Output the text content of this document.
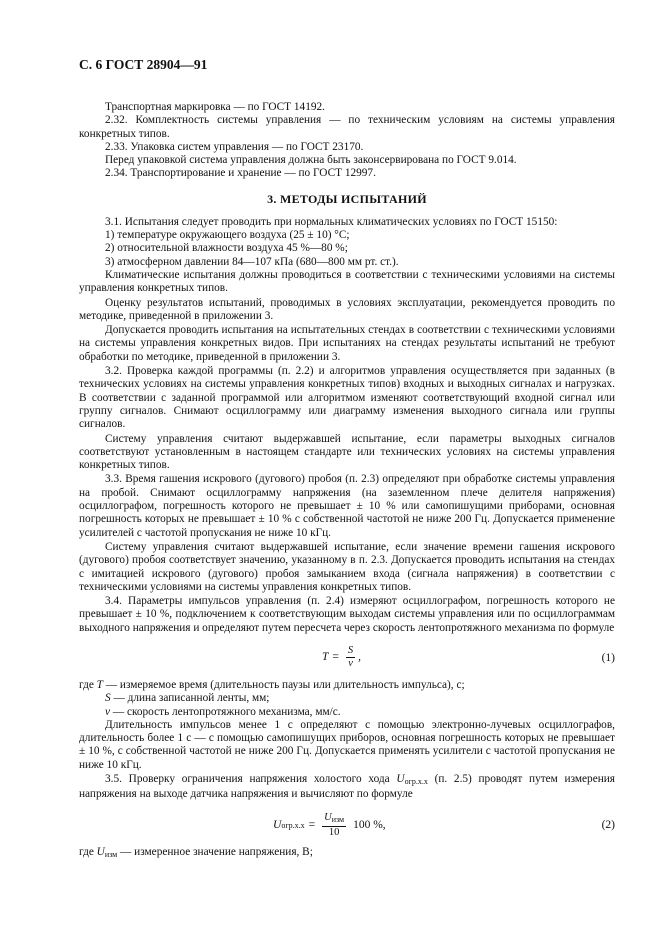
С. 6 ГОСТ 28904—91

Транспортная маркировка — по ГОСТ 14192.

2.32. Комплектность системы управления — по техническим условиям на системы управления конкретных типов.

2.33. Упаковка систем управления — по ГОСТ 23170.

Перед упаковкой система управления должна быть законсервирована по ГОСТ 9.014.

2.34. Транспортирование и хранение — по ГОСТ 12997.

3. МЕТОДЫ ИСПЫТАНИЙ

3.1. Испытания следует проводить при нормальных климатических условиях по ГОСТ 15150:

1) температуре окружающего воздуха (25 ± 10) °С;

2) относительной влажности воздуха 45 %—80 %;

3) атмосферном давлении 84—107 кПа (680—800 мм рт. ст.).

Климатические испытания должны проводиться в соответствии с техническими условиями на системы управления конкретных типов.

Оценку результатов испытаний, проводимых в условиях эксплуатации, рекомендуется проводить по методике, приведенной в приложении 3.

Допускается проводить испытания на испытательных стендах в соответствии с техническими условиями на системы управления конкретных видов. При испытаниях на стендах результаты испытаний не требуют обработки по методике, приведенной в приложении 3.

3.2. Проверка каждой программы (п. 2.2) и алгоритмов управления осуществляется при заданных (в технических условиях на системы управления конкретных типов) входных и выходных сигналах и нагрузках. В соответствии с заданной программой или алгоритмом изменяют соответствующий входной сигнал или группу сигналов. Снимают осциллограмму или диаграмму изменения выходного сигнала или группы сигналов.

Систему управления считают выдержавшей испытание, если параметры выходных сигналов соответствуют установленным в настоящем стандарте или технических условиях на системы управления конкретных типов.

3.3. Время гашения искрового (дугового) пробоя (п. 2.3) определяют при обработке системы управления на пробой. Снимают осциллограмму напряжения (на заземленном плече делителя напряжения) осциллографом, погрешность которого не превышает ± 10 % или самопишущими приборами, основная погрешность которых не превышает ± 10 % с собственной частотой не ниже 200 Гц. Допускается применение усилителей с частотой пропускания не ниже 10 кГц.

Систему управления считают выдержавшей испытание, если значение времени гашения искрового (дугового) пробоя соответствует значению, указанному в п. 2.3. Допускается проводить испытания на стендах с имитацией искрового (дугового) пробоя замыканием входа (сигнала напряжения) в соответствии с техническими условиями на системы управления конкретных типов.

3.4. Параметры импульсов управления (п. 2.4) измеряют осциллографом, погрешность которого не превышает ± 10 %, подключением к соответствующим выходам системы управления или по осциллограммам выходного напряжения и определяют путем пересчета через скорость лентопротяжного механизма по формуле

$T = \frac{S}{v}$ ,	(1)

где T — измеряемое время (длительность паузы или длительность импульса), с;

S — длина записанной ленты, мм;

v — скорость лентопротяжного механизма, мм/с.

Длительность импульсов менее 1 с определяют с помощью электронно-лучевых осциллографов, длительность более 1 с — с помощью самопишущих приборов, основная погрешность которых не превышает ± 10 %, с собственной частотой не ниже 200 Гц. Допускается применять усилители с частотой пропускания не ниже 10 кГц.

3.5. Проверку ограничения напряжения холостого хода $U_{огр.х.х}$ (п. 2.5) проводят путем измерения напряжения на выходе датчика напряжения и вычисляют по формуле

U $огр.х.х = \frac{U_{изм}}{10} 100$ %,	(2)

где $U_{изм}$ — измеренное значение напряжения, В;
